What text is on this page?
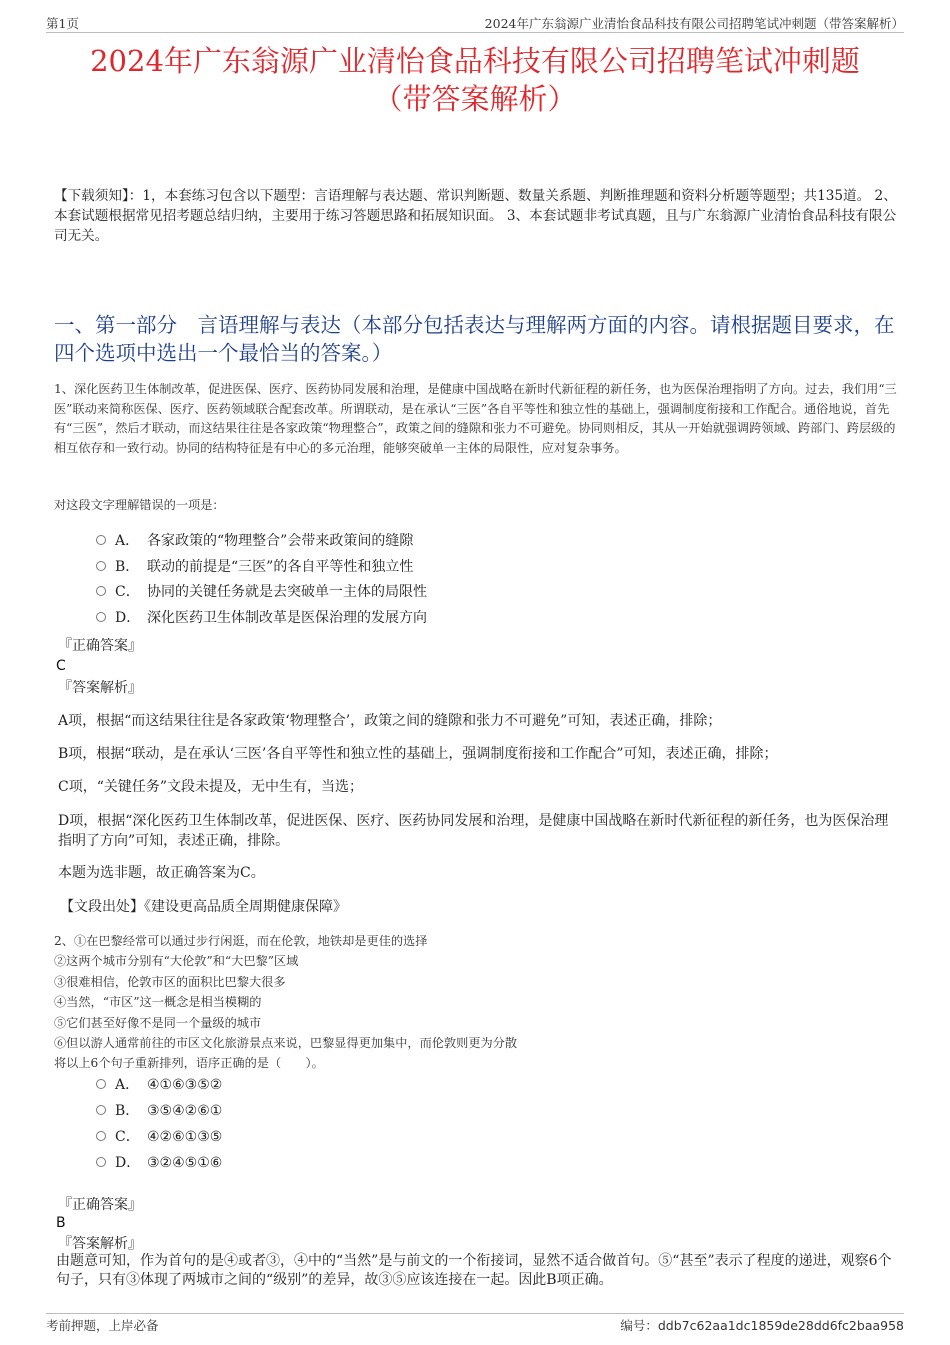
第1页	2024年广东翁源广业清怡食品科技有限公司招聘笔试冲刺题（带答案解析）
2024年广东翁源广业清怡食品科技有限公司招聘笔试冲刺题
（带答案解析）
【下载须知】：1，本套练习包含以下题型：言语理解与表达题、常识判断题、数量关系题、判断推理题和资料分析题等题型；共135道。 2、本套试题根据常见招考题总结归纳，主要用于练习答题思路和拓展知识面。 3、本套试题非考试真题，且与广东翁源广业清怡食品科技有限公司无关。
一、第一部分　言语理解与表达（本部分包括表达与理解两方面的内容。请根据题目要求，在四个选项中选出一个最恰当的答案。）
1、深化医药卫生体制改革，促进医保、医疗、医药协同发展和治理，是健康中国战略在新时代新征程的新任务，也为医保治理指明了方向。过去，我们用“三医”联动来简称医保、医疗、医药领域联合配套改革。所谓联动，是在承认“三医”各自平等性和独立性的基础上，强调制度衔接和工作配合。通俗地说，首先有“三医”，然后才联动，而这结果往往是各家政策“物理整合”，政策之间的缝隙和张力不可避免。协同则相反，其从一开始就强调跨领域、跨部门、跨层级的相互依存和一致行动。协同的结构特征是有中心的多元治理，能够突破单一主体的局限性，应对复杂事务。
对这段文字理解错误的一项是：
A． 各家政策的“物理整合”会带来政策间的缝隙
B． 联动的前提是“三医”的各自平等性和独立性
C． 协同的关键任务就是去突破单一主体的局限性
D． 深化医药卫生体制改革是医保治理的发展方向
『正确答案』
C
『答案解析』
A项，根据“而这结果往往是各家政策‘物理整合’，政策之间的缝隙和张力不可避免”可知，表述正确，排除；
B项，根据“联动，是在承认‘三医’各自平等性和独立性的基础上，强调制度衔接和工作配合”可知，表述正确，排除；
C项，“关键任务”文段未提及，无中生有，当选；
D项，根据“深化医药卫生体制改革，促进医保、医疗、医药协同发展和治理，是健康中国战略在新时代新征程的新任务，也为医保治理指明了方向”可知，表述正确，排除。
本题为选非题，故正确答案为C。
【文段出处】《建设更高品质全周期健康保障》
2、①在巴黎经常可以通过步行闲逛，而在伦敦，地铁却是更佳的选择
②这两个城市分别有“大伦敦”和“大巴黎”区域
③很难相信，伦敦市区的面积比巴黎大很多
④当然，“市区”这一概念是相当模糊的
⑤它们甚至好像不是同一个量级的城市
⑥但以游人通常前往的市区文化旅游景点来说，巴黎显得更加集中，而伦敦则更为分散
将以上6个句子重新排列，语序正确的是（　　）。
A． ④①⑥③⑤②
B． ③⑤④②⑥①
C． ④②⑥①③⑤
D． ③②④⑤①⑥
『正确答案』
B
『答案解析』
由题意可知，作为首句的是④或者③，④中的“当然”是与前文的一个衔接词，显然不适合做首句。⑤“甚至”表示了程度的递进，观察6个句子，只有③体现了两城市之间的“级别”的差异，故③⑤应该连接在一起。因此B项正确。
考前押题，上岸必备	编号：ddb7c62aa1dc1859de28dd6fc2baa958
